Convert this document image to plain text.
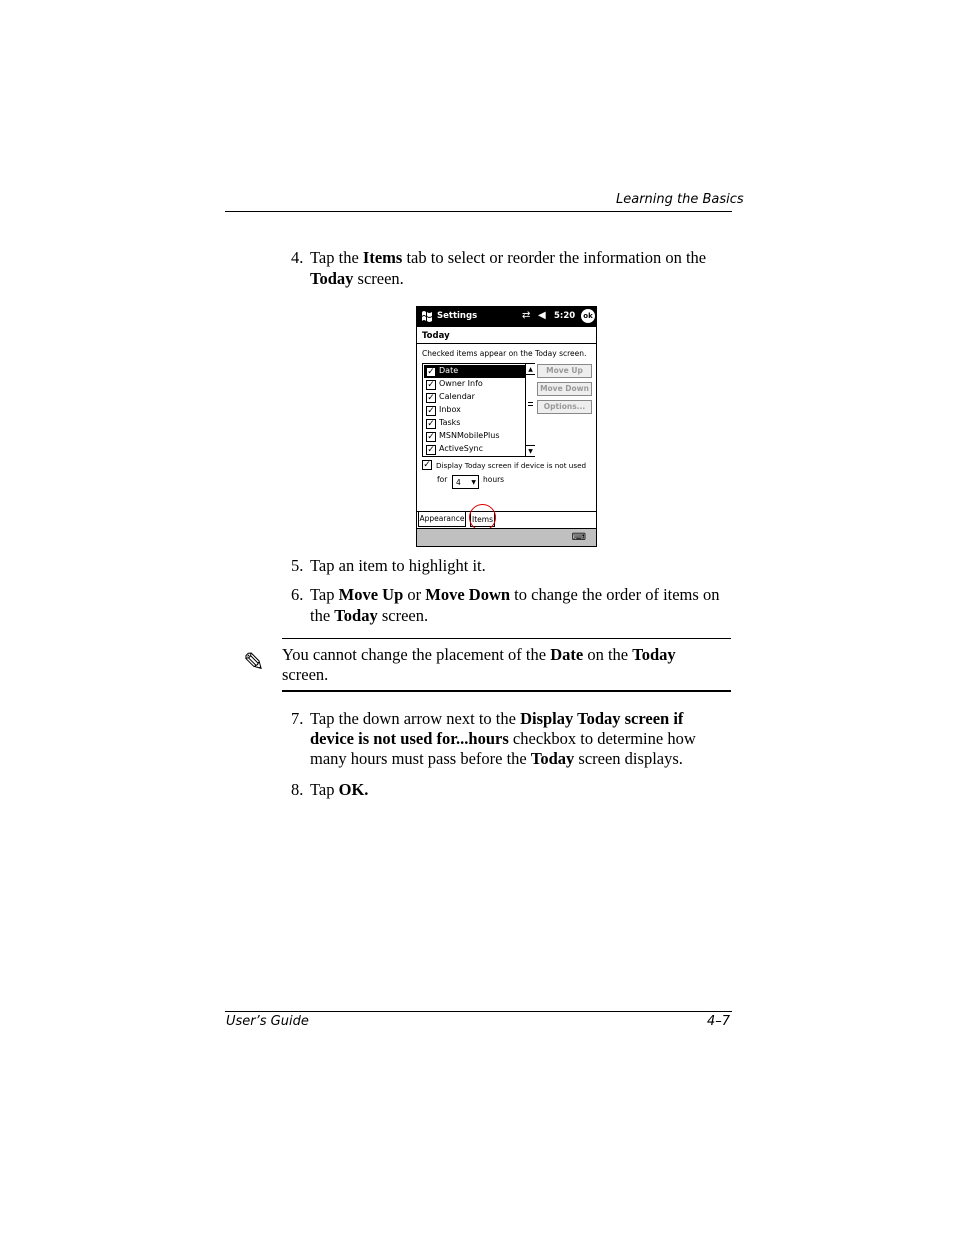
Learning the Basics
4. Tap the Items tab to select or reorder the information on the
Today screen.
Settings	⇄ ◀ 5:20	ok
Today
Checked items appear on the Today screen.
✓ Date
✓ Owner Info
✓ Calendar
✓ Inbox
✓ Tasks
✓ MSNMobilePlus
✓ ActiveSync
▲
▼
Move Up
Move Down
Options...
✓ Display Today screen if device is not used
for 4 ▼ hours
Appearance Items
⌨
5. Tap an item to highlight it.
6. Tap Move Up or Move Down to change the order of items on
the Today screen.
✎ You cannot change the placement of the Date on the Today
screen.
7. Tap the down arrow next to the Display Today screen if
device is not used for...hours checkbox to determine how
many hours must pass before the Today screen displays.
8. Tap OK.
User’s Guide	4–7
